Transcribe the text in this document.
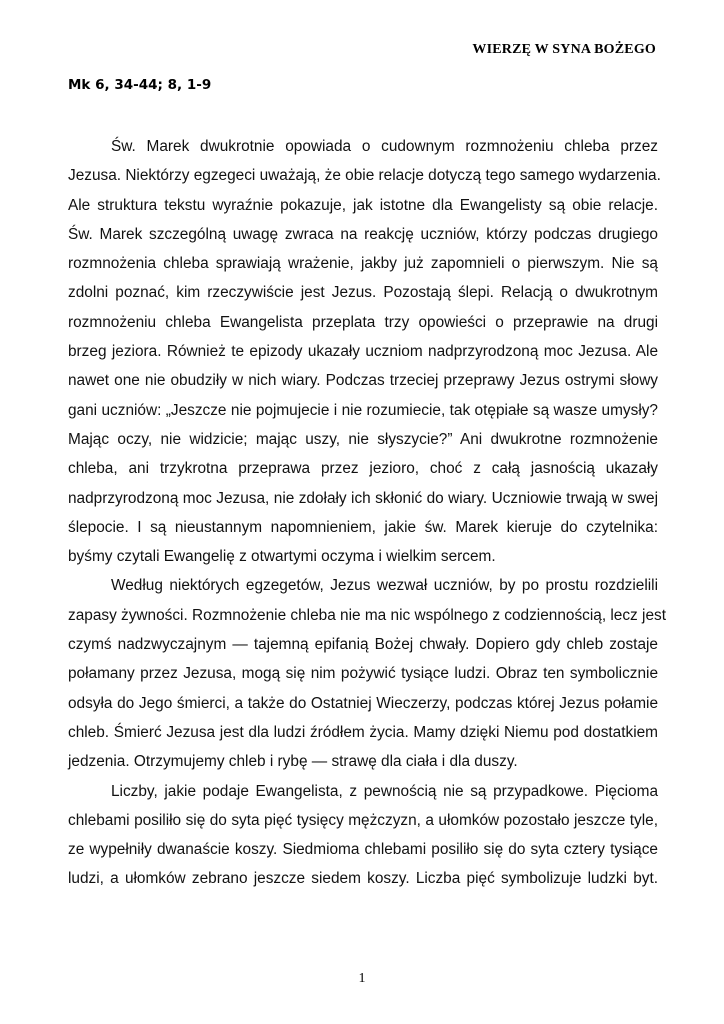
WIERZĘ W SYNA BOŻEGO
Mk 6, 34-44; 8, 1-9
Św. Marek dwukrotnie opowiada o cudownym rozmnożeniu chleba przez
Jezusa. Niektórzy egzegeci uważają, że obie relacje dotyczą tego samego wydarzenia.
Ale struktura tekstu wyraźnie pokazuje, jak istotne dla Ewangelisty są obie relacje.
Św. Marek szczególną uwagę zwraca na reakcję uczniów, którzy podczas drugiego
rozmnożenia chleba sprawiają wrażenie, jakby już zapomnieli o pierwszym. Nie są
zdolni poznać, kim rzeczywiście jest Jezus. Pozostają ślepi. Relacją o dwukrotnym
rozmnożeniu chleba Ewangelista przeplata trzy opowieści o przeprawie na drugi
brzeg jeziora. Również te epizody ukazały uczniom nadprzyrodzoną moc Jezusa. Ale
nawet one nie obudziły w nich wiary. Podczas trzeciej przeprawy Jezus ostrymi słowy
gani uczniów: „Jeszcze nie pojmujecie i nie rozumiecie, tak otępiałe są wasze umysły?
Mając oczy, nie widzicie; mając uszy, nie słyszycie?” Ani dwukrotne rozmnożenie
chleba, ani trzykrotna przeprawa przez jezioro, choć z całą jasnością ukazały
nadprzyrodzoną moc Jezusa, nie zdołały ich skłonić do wiary. Uczniowie trwają w swej
ślepocie. I są nieustannym napomnieniem, jakie św. Marek kieruje do czytelnika:
byśmy czytali Ewangelię z otwartymi oczyma i wielkim sercem.
Według niektórych egzegetów, Jezus wezwał uczniów, by po prostu rozdzielili
zapasy żywności. Rozmnożenie chleba nie ma nic wspólnego z codziennością, lecz jest
czymś nadzwyczajnym — tajemną epifanią Bożej chwały. Dopiero gdy chleb zostaje
połamany przez Jezusa, mogą się nim pożywić tysiące ludzi. Obraz ten symbolicznie
odsyła do Jego śmierci, a także do Ostatniej Wieczerzy, podczas której Jezus połamie
chleb. Śmierć Jezusa jest dla ludzi źródłem życia. Mamy dzięki Niemu pod dostatkiem
jedzenia. Otrzymujemy chleb i rybę — strawę dla ciała i dla duszy.
Liczby, jakie podaje Ewangelista, z pewnością nie są przypadkowe. Pięcioma
chlebami posiliło się do syta pięć tysięcy mężczyzn, a ułomków pozostało jeszcze tyle,
ze wypełniły dwanaście koszy. Siedmioma chlebami posiliło się do syta cztery tysiące
ludzi, a ułomków zebrano jeszcze siedem koszy. Liczba pięć symbolizuje ludzki byt.
1
